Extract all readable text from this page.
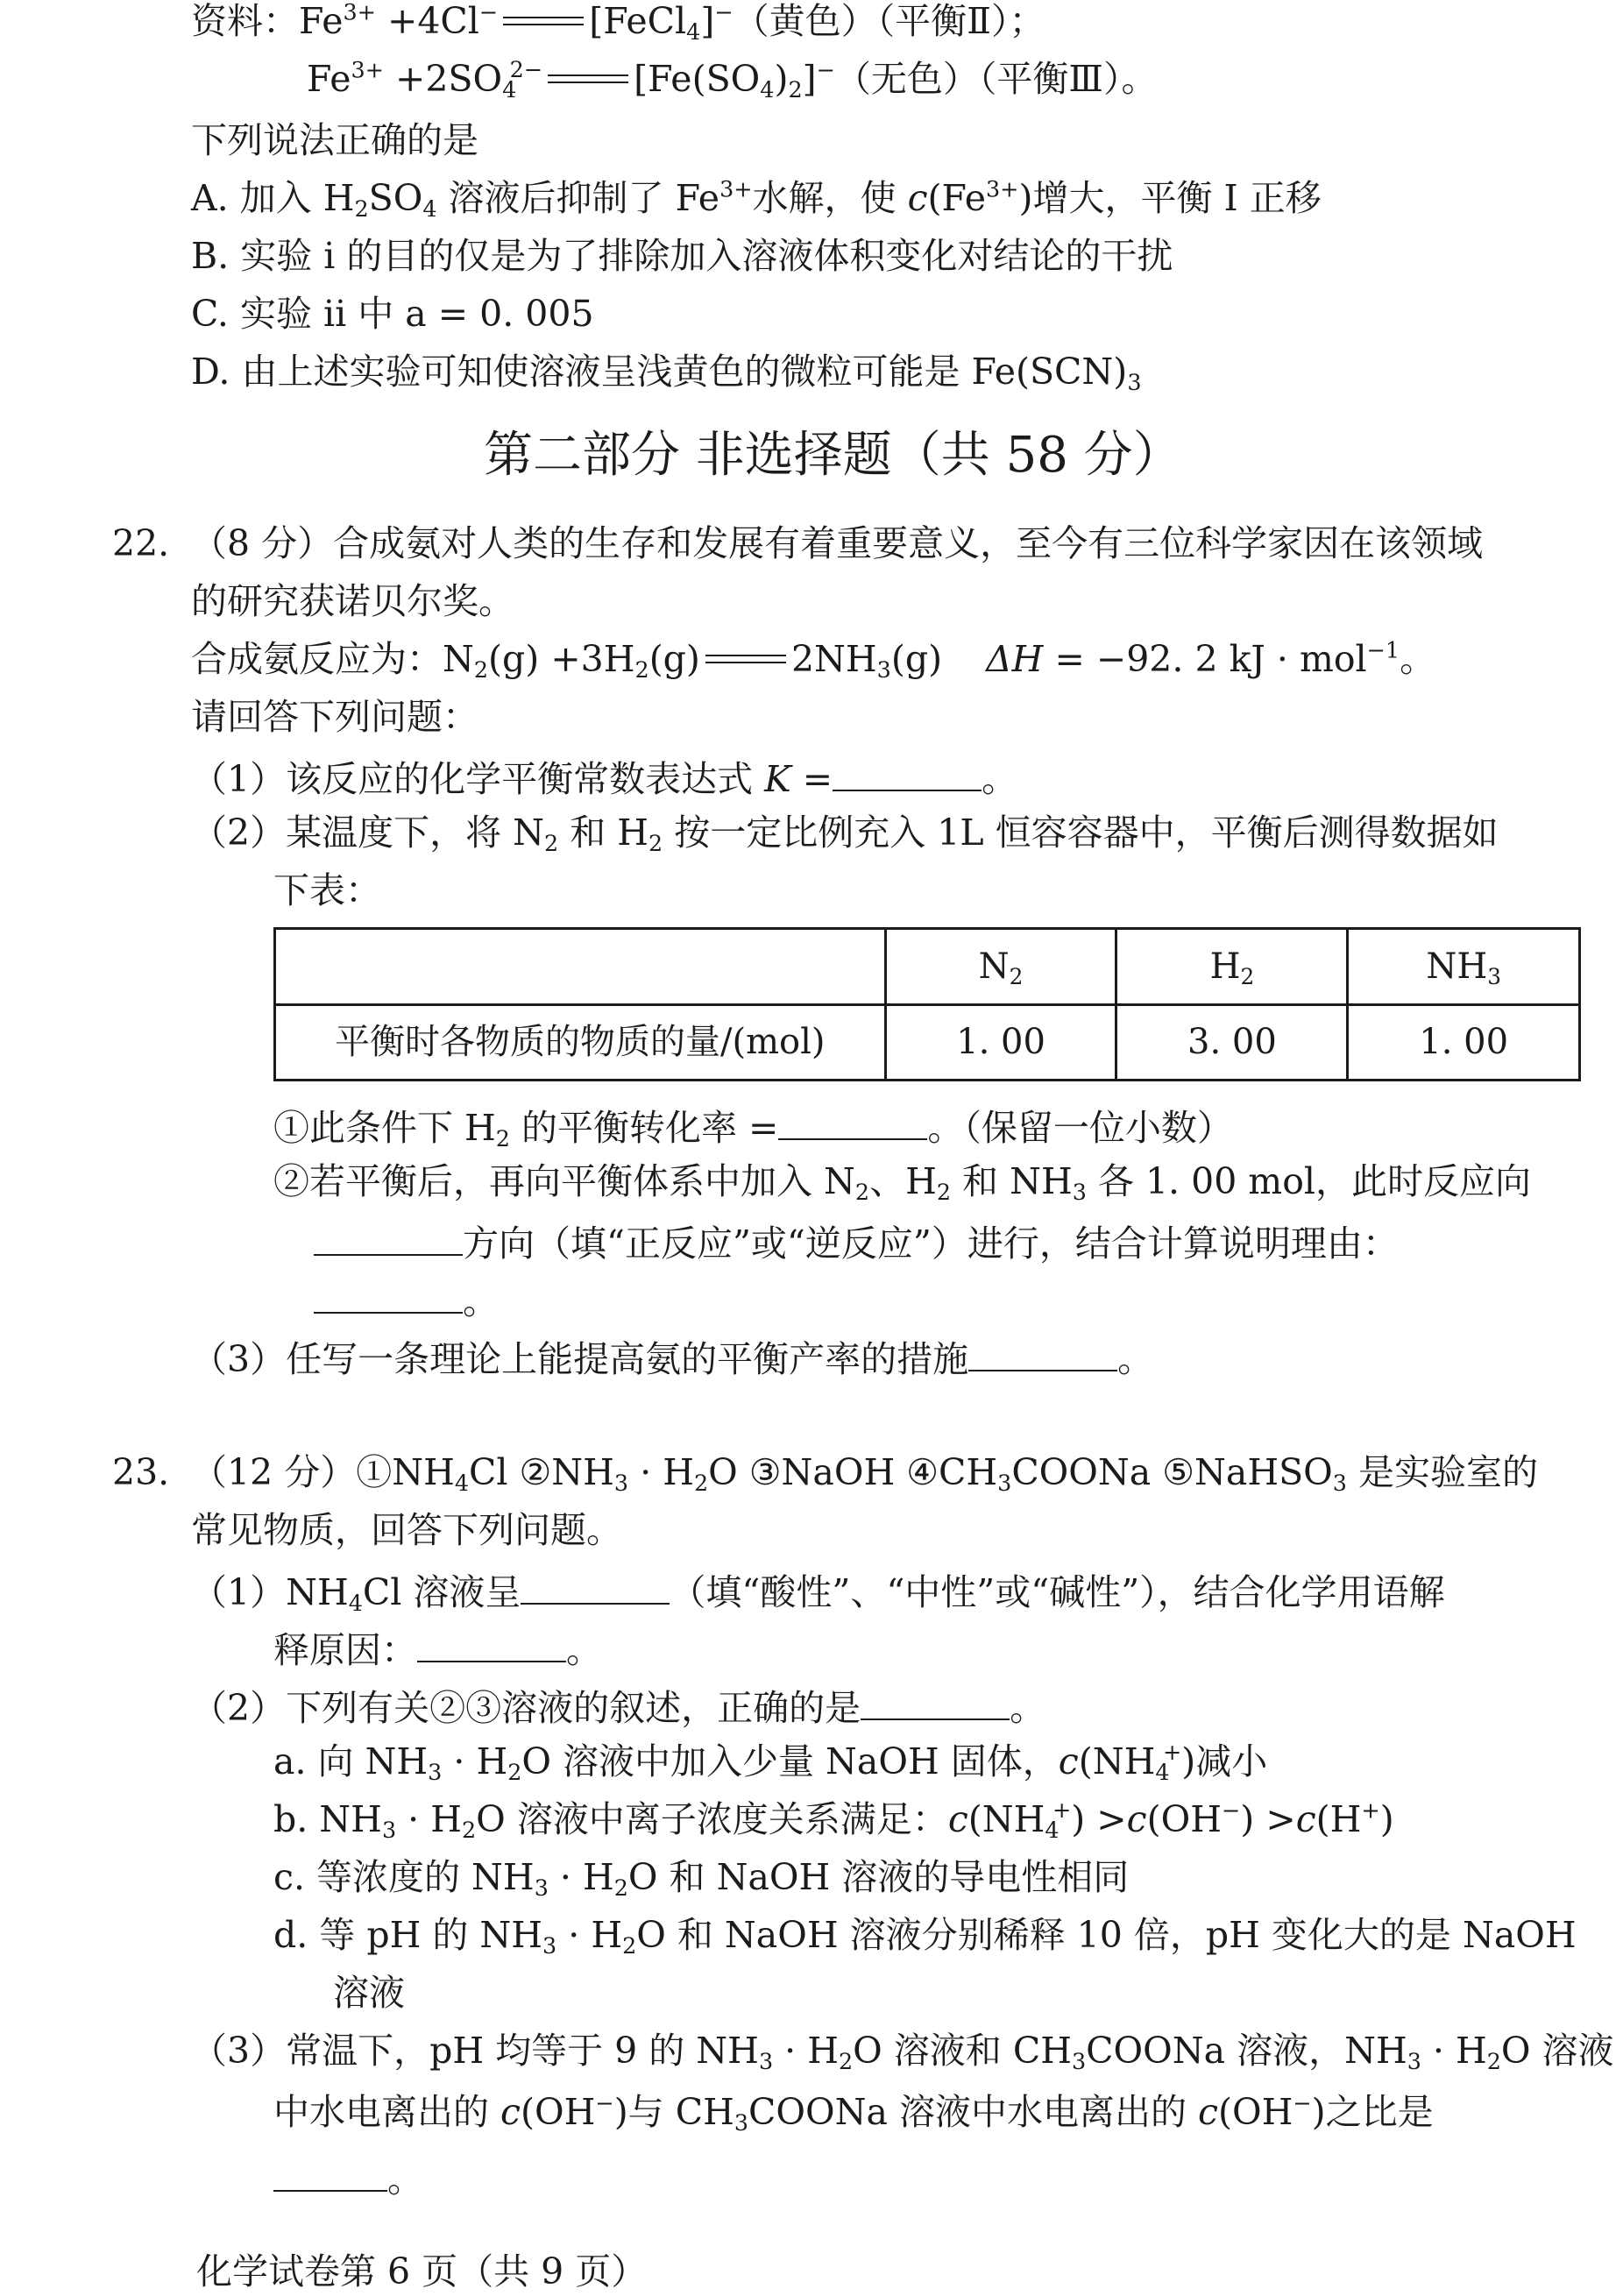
资料：$Fe^{3+} +4Cl^-$	[FeCl$_4$]−（黄色）（平衡Ⅱ）；
$Fe^{3+} +2SO_4^{2-}$	$[Fe(SO_4)_2]^-$（无色）（平衡Ⅲ）。
下列说法正确的是
A. 加入 $H_2SO_4$ 溶液后抑制了 $Fe^{3+}$水解，使 $c(Fe^{3+})$增大，平衡 Ⅰ 正移
B. 实验 i 的目的仅是为了排除加入溶液体积变化对结论的干扰
C. 实验 ii 中 a = 0. 005
D. 由上述实验可知使溶液呈浅黄色的微粒可能是 $Fe(SCN)_3$
第二部分 非选择题（共 58 分）
22. （8 分）合成氨对人类的生存和发展有着重要意义，至今有三位科学家因在该领域
的研究获诺贝尔奖。
合成氨反应为：$N_2(g) +3H_2(g)$	$2NH_3(g) \Delta H = -92$. 2 kJ · mol$^{-1}$。
请回答下列问题：
（1）该反应的化学平衡常数表达式 K =	。
（2）某温度下，将 $N_2$ 和 $H_2$ 按一定比例充入 1L 恒容容器中，平衡后测得数据如
下表：
	$N_2$	$H_2$	$NH_3$
平衡时各物质的物质的量/(mol)	1. 00	3. 00	1. 00
①此条件下 $H_2$ 的平衡转化率 =	。（保留一位小数）
②若平衡后，再向平衡体系中加入 $N_2$、$H_2$ 和 $NH_3$ 各 1. 00 mol，此时反应向
方向（填“正反应”或“逆反应”）进行，结合计算说明理由：
。
（3）任写一条理论上能提高氨的平衡产率的措施	。
23. （12 分）$①NH_4Cl$ $②NH_3 \cdot H_2O$ ③NaOH $④CH_3COONa$ ⑤NaHSO$_3$ 是实验室的
常见物质，回答下列问题。
$(1)NH_4Cl$ 溶液呈	（填“酸性”、“中性”或“碱性”），结合化学用语解
释原因：	。
（2）下列有关②③溶液的叙述，正确的是	。
a. 向 $NH_3 \cdot H_2O$ 溶液中加入少量 NaOH 固体，$c(NH_4^+)$减小
b. $NH_3 \cdot H_2O$ 溶液中离子浓度关系满足：$c(NH_4^+) >c(OH^-) >c(H^+)$
c. 等浓度的 $NH_3 \cdot H_2O$ 和 NaOH 溶液的导电性相同
d. 等 pH 的 $NH_3 \cdot H_2O$ 和 NaOH 溶液分别稀释 10 倍，pH 变化大的是 NaOH
溶液
（3）常温下，pH 均等于 9 的 $NH_3 \cdot H_2O$ 溶液和 $CH_3COONa$ 溶液，$NH_3 \cdot H_2O$ 溶液
中水电离出的 c(OH−)与 $CH_3COONa$ 溶液中水电离出的 c(OH−)之比是
。
化学试卷第 6 页（共 9 页）
